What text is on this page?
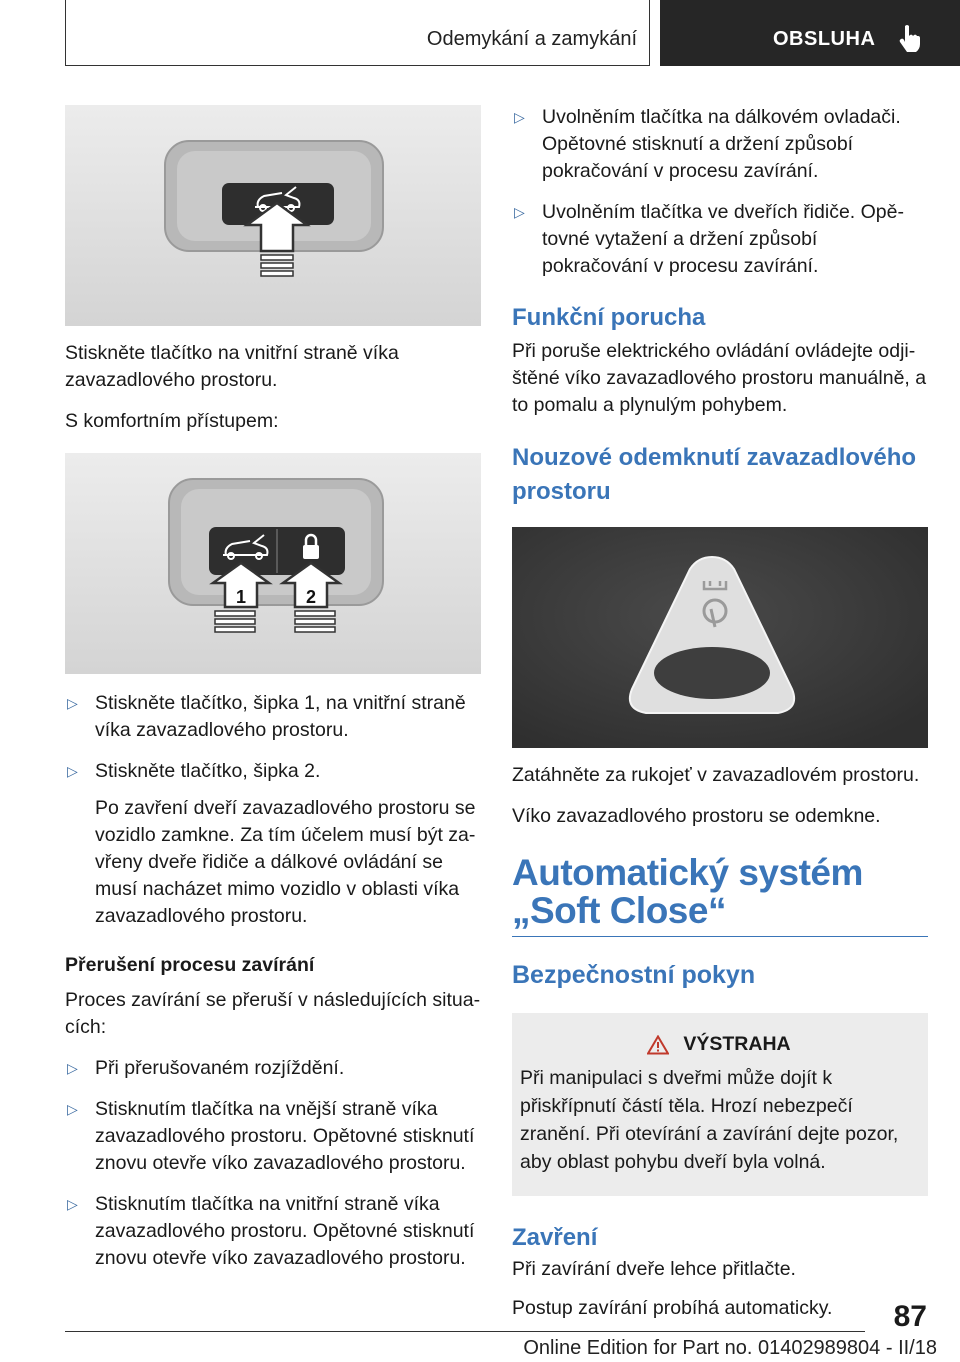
Odemykání a zamykání	OBSLUHA

Stiskněte tlačítko na vnitřní straně víka zavazadlového prostoru.

S komfortním přístupem:

1	2
▷ Stiskněte tlačítko, šipka 1, na vnitřní straně víka zavazadlového prostoru.
▷ Stiskněte tlačítko, šipka 2.

Po zavření dveří zavazadlového prostoru se vozidlo zamkne. Za tím účelem musí být zavřeny dveře řidiče a dálkové ovládání se musí nacházet mimo vozidlo v oblasti víka zavazadlového prostoru.

Přerušení procesu zavírání

Proces zavírání se přeruší v následujících situacích:

▷ Při přerušovaném rozjíždění.
▷ Stisknutím tlačítka na vnější straně víka zavazadlového prostoru. Opětovné stisknutí znovu otevře víko zavazadlového prostoru.
▷ Stisknutím tlačítka na vnitřní straně víka zavazadlového prostoru. Opětovné stisknutí znovu otevře víko zavazadlového prostoru.
▷ Uvolněním tlačítka na dálkovém ovladači. Opětovné stisknutí a držení způsobí pokračování v procesu zavírání.
▷ Uvolněním tlačítka ve dveřích řidiče. Opětovné vytažení a držení způsobí pokračování v procesu zavírání.
Funkční porucha

Při poruše elektrického ovládání ovládejte odjištěné víko zavazadlového prostoru manuálně, a to pomalu a plynulým pohybem.

Nouzové odemknutí zavazadlového prostoru

Zatáhněte za rukojeť v zavazadlovém prostoru.

Víko zavazadlového prostoru se odemkne.

Automatický systém „Soft Close“
Bezpečnostní pokyn
VÝSTRAHA

Při manipulaci s dveřmi může dojít k přiskřípnutí částí těla. Hrozí nebezpečí zranění. Při otevírání a zavírání dejte pozor, aby oblast pohybu dveří byla volná.

Zavření

Při zavírání dveře lehce přitlačte.

Postup zavírání probíhá automaticky.	87
Online Edition for Part no. 01402989804 - II/18
